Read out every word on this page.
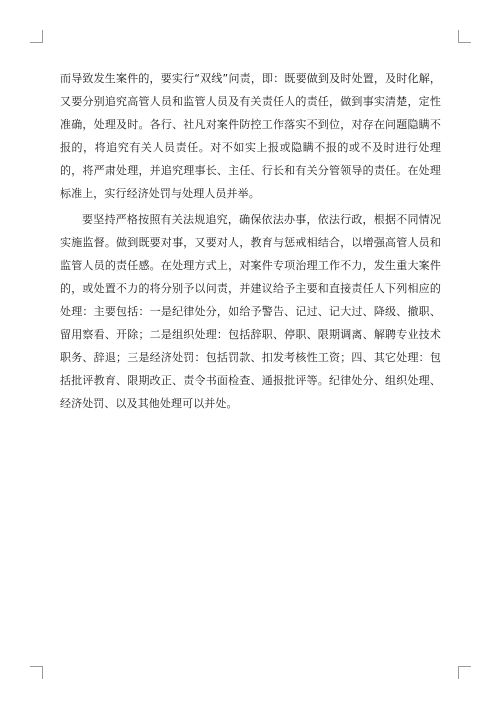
而导致发生案件的，要实行“双线”问责，即：既要做到及时处置，及时化解，又要分别追究高管人员和监管人员及有关责任人的责任，做到事实清楚，定性准确，处理及时。各行、社凡对案件防控工作落实不到位，对存在问题隐瞒不报的，将追究有关人员责任。对不如实上报或隐瞒不报的或不及时进行处理的，将严肃处理，并追究理事长、主任、行长和有关分管领导的责任。在处理标准上，实行经济处罚与处理人员并举。

要坚持严格按照有关法规追究，确保依法办事，依法行政，根据不同情况实施监督。做到既要对事，又要对人，教育与惩戒相结合，以增强高管人员和监管人员的责任感。在处理方式上，对案件专项治理工作不力，发生重大案件的，或处置不力的将分别予以问责，并建议给予主要和直接责任人下列相应的处理：主要包括：一是纪律处分，如给予警告、记过、记大过、降级、撤职、留用察看、开除；二是组织处理：包括辞职、停职、限期调离、解聘专业技术职务、辞退；三是经济处罚：包括罚款、扣发考核性工资；四、其它处理：包括批评教育、限期改正、责令书面检查、通报批评等。纪律处分、组织处理、经济处罚、以及其他处理可以并处。
